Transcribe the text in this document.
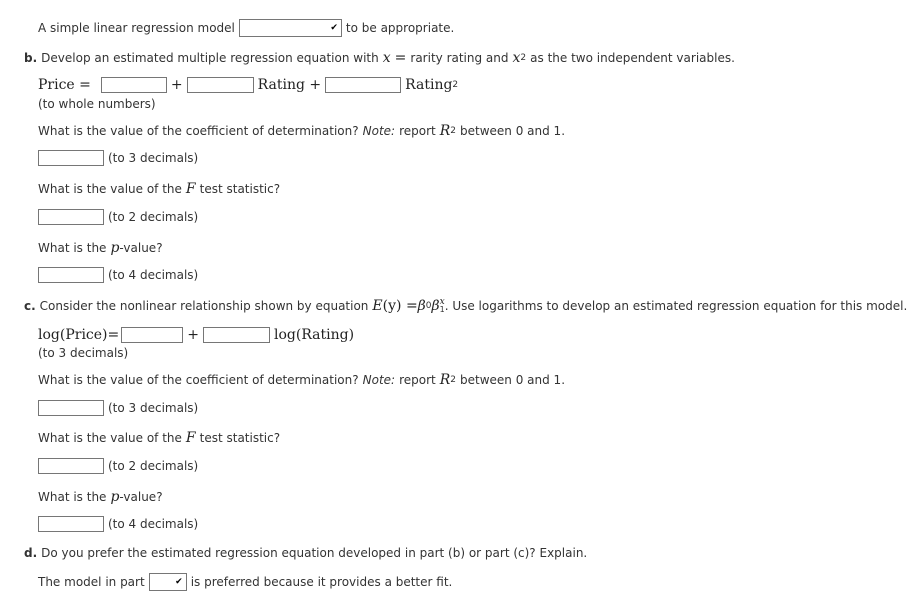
A simple linear regression model	✔ to be appropriate.
b. Develop an estimated multiple regression equation with x = rarity rating and x 2 as the two independent variables.
Price =	+	Rating +	Rating 2
(to whole numbers)
What is the value of the coefficient of determination? Note: report R 2 between 0 and 1.
(to 3 decimals)
What is the value of the F test statistic?
(to 2 decimals)
What is the p -value?
(to 4 decimals)
c. Consider the nonlinear relationship shown by equation E (y) = β 0 β x
1 . Use logarithms to develop an estimated regression equation for this model.
log(Price)=	+	log(Rating)
(to 3 decimals)
What is the value of the coefficient of determination? Note: report R 2 between 0 and 1.
(to 3 decimals)
What is the value of the F test statistic?
(to 2 decimals)
What is the p -value?
(to 4 decimals)
d. Do you prefer the estimated regression equation developed in part (b) or part (c)? Explain.
The model in part	✔ is preferred because it provides a better fit.
